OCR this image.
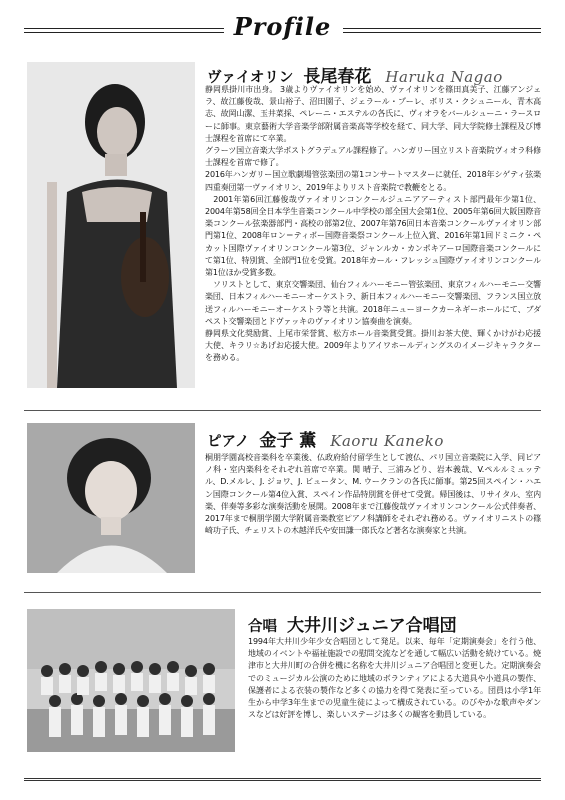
Profile
ヴァイオリン 長尾春花 Haruka Nagao

静岡県掛川市出身。 3歳よりヴァイオリンを始め、ヴァイオリンを篠田真美子、江藤アンジェラ、故江藤俊哉、景山裕子、沼田園子、ジェラール・プーレ、ボリス・クシュニール、青木高志、故岡山潔、玉井菜採、ペレーニ・エステルの各氏に、ヴィオラをバールシューニ・ラースローに師事。東京藝術大学音楽学部附属音楽高等学校を経て、同大学、同大学院修士課程及び博士課程を首席にて卒業。

グラーツ国立音楽大学ポストグラデュアル課程修了。ハンガリー国立リスト音楽院ヴィオラ科修士課程を首席で修了。

2016年ハンガリー国立歌劇場管弦楽団の第1コンサートマスターに就任、2018年シゲティ弦楽四重奏団第一ヴァイオリン、2019年よりリスト音楽院で教鞭をとる。

　2001年第6回江藤俊哉ヴァイオリンコンクールジュニアアーティスト部門最年少第1位、2004年第58回全日本学生音楽コンクール中学校の部全国大会第1位、2005年第6回大阪国際音楽コンクール弦楽器部門・高校の部第2位、2007年第76回日本音楽コンクールヴァイオリン部門第1位、2008年ロン＝ティボー国際音楽祭コンクール上位入賞、2016年第1回ドミニク・ペカット国際ヴァイオリンコンクール第3位、ジャンルカ・カンポキアーロ国際音楽コンクールにて第1位、特別賞、全部門1位を受賞。2018年カール・フレッシュ国際ヴァイオリンコンクール第1位ほか受賞多数。

　ソリストとして、東京交響楽団、仙台フィルハーモニー管弦楽団、東京フィルハーモニー交響楽団、日本フィルハーモニーオーケストラ、新日本フィルハーモニー交響楽団、フランス国立放送フィルハーモニーオーケストラ等と共演。2018年ニューヨークカーネギーホールにて、ブダペスト交響楽団とドヴァッキのヴァイオリン協奏曲を演奏。

静岡県文化奨励賞、上尾市栄誉賞、松方ホール音楽賞受賞。掛川お茶大使、輝くかけがわ応援大使、キラリ☆あげお応援大使。2009年よりアイワホールディングスのイメージキャラクターを務める。

ピアノ 金子 薫 Kaoru Kaneko

桐朋学園高校音楽科を卒業後、仏政府給付留学生として渡仏、パリ国立音楽院に入学、同ピアノ科・室内楽科をそれぞれ首席で卒業。関 晴子、三浦みどり、岩本義哉、V.ペルルミュッテル、D.メルレ、J. ジョワ、J. ビュータン、M. ウークランの各氏に師事。第25回スペイン・ハエン国際コンクール第4位入賞、スペイン作品特別賞を併せて受賞。帰国後は、リサイタル、室内楽、伴奏等多彩な演奏活動を展開。2008年まで江藤俊哉ヴァイオリンコンクール公式伴奏者、2017年まで桐朋学園大学附属音楽教室ピアノ科講師をそれぞれ務める。ヴァイオリニストの篠崎功子氏、チェリストの木越洋氏や安田謙一郎氏など著名な演奏家と共演。

合唱 大井川ジュニア合唱団

1994年大井川少年少女合唱団として発足。以来、毎年「定期演奏会」を行う他、地域のイベントや福祉施設での慰問交流などを通して幅広い活動を続けている。焼津市と大井川町の合併を機に名称を大井川ジュニア合唱団と変更した。定期演奏会でのミュージカル公演のために地域のボランティアによる大道具や小道具の製作、保護者による衣装の製作など多くの協力を得て発表に至っている。団員は小学1年生から中学3年生までの児童生徒によって構成されている。のびやかな歌声やダンスなどは好評を博し、楽しいステージは多くの観客を動員している。
